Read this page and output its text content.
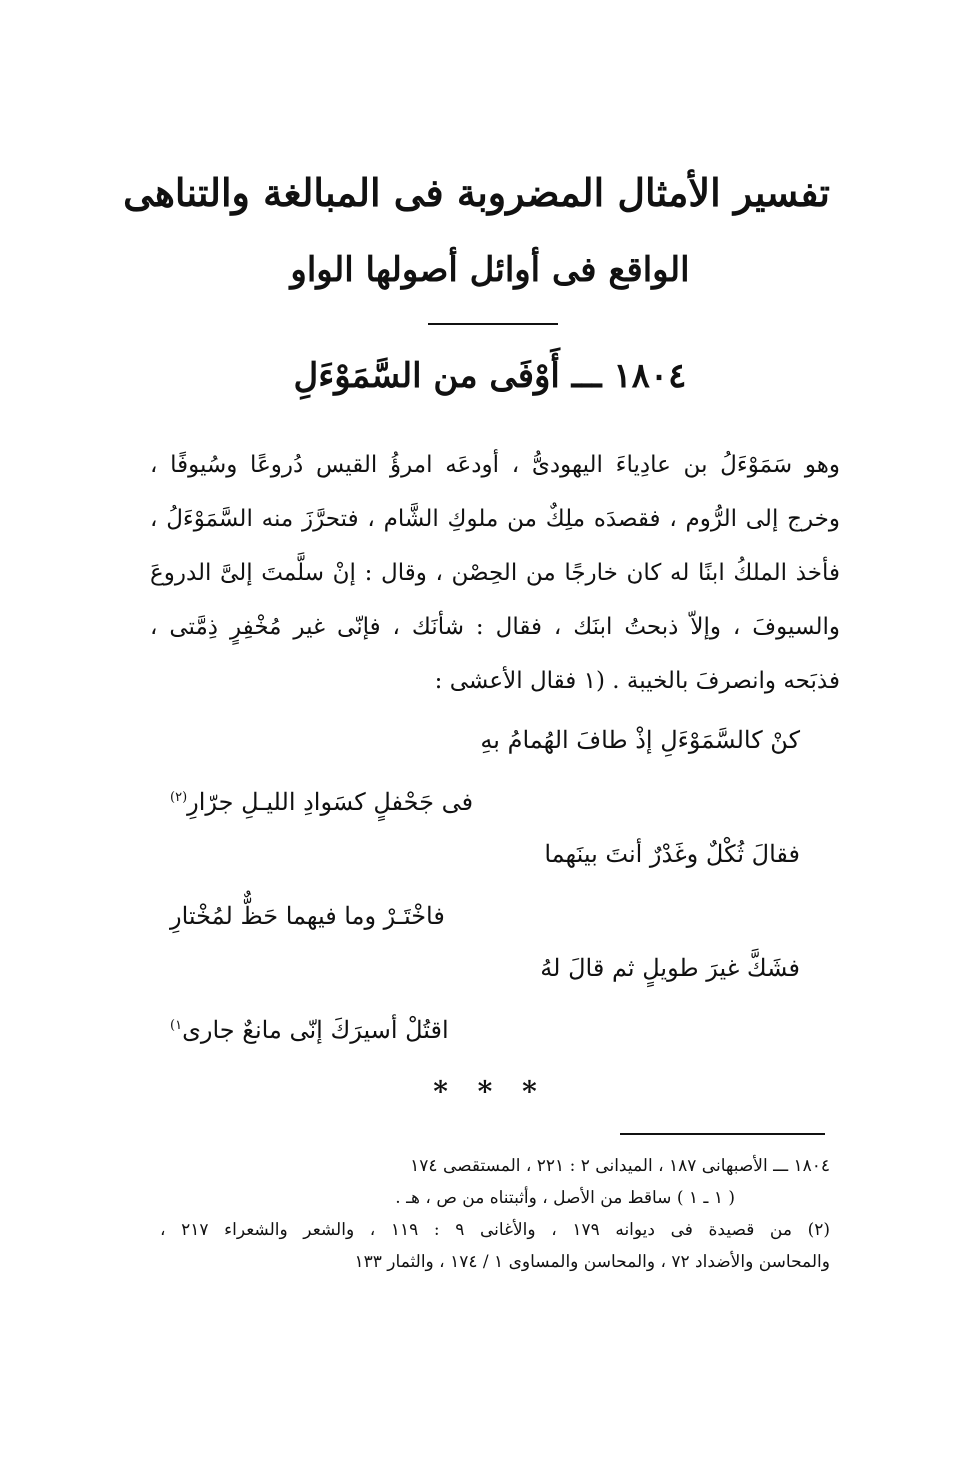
تفسير الأمثال المضروبة فى المبالغة والتناهى
الواقع فى أوائل أصولها الواو
١٨٠٤ ـــ أَوْفَى من السَّمَوْءَلِ
وهو سَمَوْءَلُ بن عادِياءَ اليهودىُّ ، أودعَه امرؤُ القيس دُروعًا وسُيوفًا ،
وخرج إلى الرُّوم ، فقصدَه ملِكٌ من ملوكِ الشَّام ، فتحرَّزَ منه السَّمَوْءَلُ ،
فأخذ الملكُ ابنًا له كان خارجًا من الحِصْن ، وقال : إنْ سلَّمتَ إلىَّ الدروعَ
والسيوفَ ، وإلاّ ذبحتُ ابنَك ، فقال : شأنَك ، فإنّى غير مُخْفِرٍ ذِمَّتى ،
فذبَحه وانصرفَ بالخيبة . (١ فقال الأعشى :
كنْ كالسَّمَوْءَلِ إذْ طافَ الهُمامُ بهِ
فى جَحْفلٍ كسَوادِ الليـلِ جرّارِ$^{(٢)}$
فقالَ ثُكْلٌ وغَدْرٌ أنتَ بينَهما
فاخْتَـرْ وما فيهما حَظٌّ لمُخْتارِ
فشَكَّ غيرَ طويلٍ ثم قالَ لهُ
اقتُلْ أسيرَكَ إنّى مانعٌ جارى$^{١)}$
* * *
١٨٠٤ ـــ الأصبهانى ١٨٧ ، الميدانى ٢ : ٢٢١ ، المستقصى ١٧٤
( ١ ـ ١ ) ساقط من الأصل ، وأثبتناه من ص ، هـ .
(٢) من قصيدة فى ديوانه ١٧٩ ، والأغانى ٩ : ١١٩ ، والشعر والشعراء ٢١٧ ،
والمحاسن والأضداد ٧٢ ، والمحاسن والمساوى ١ / ١٧٤ ، والثمار ١٣٣
